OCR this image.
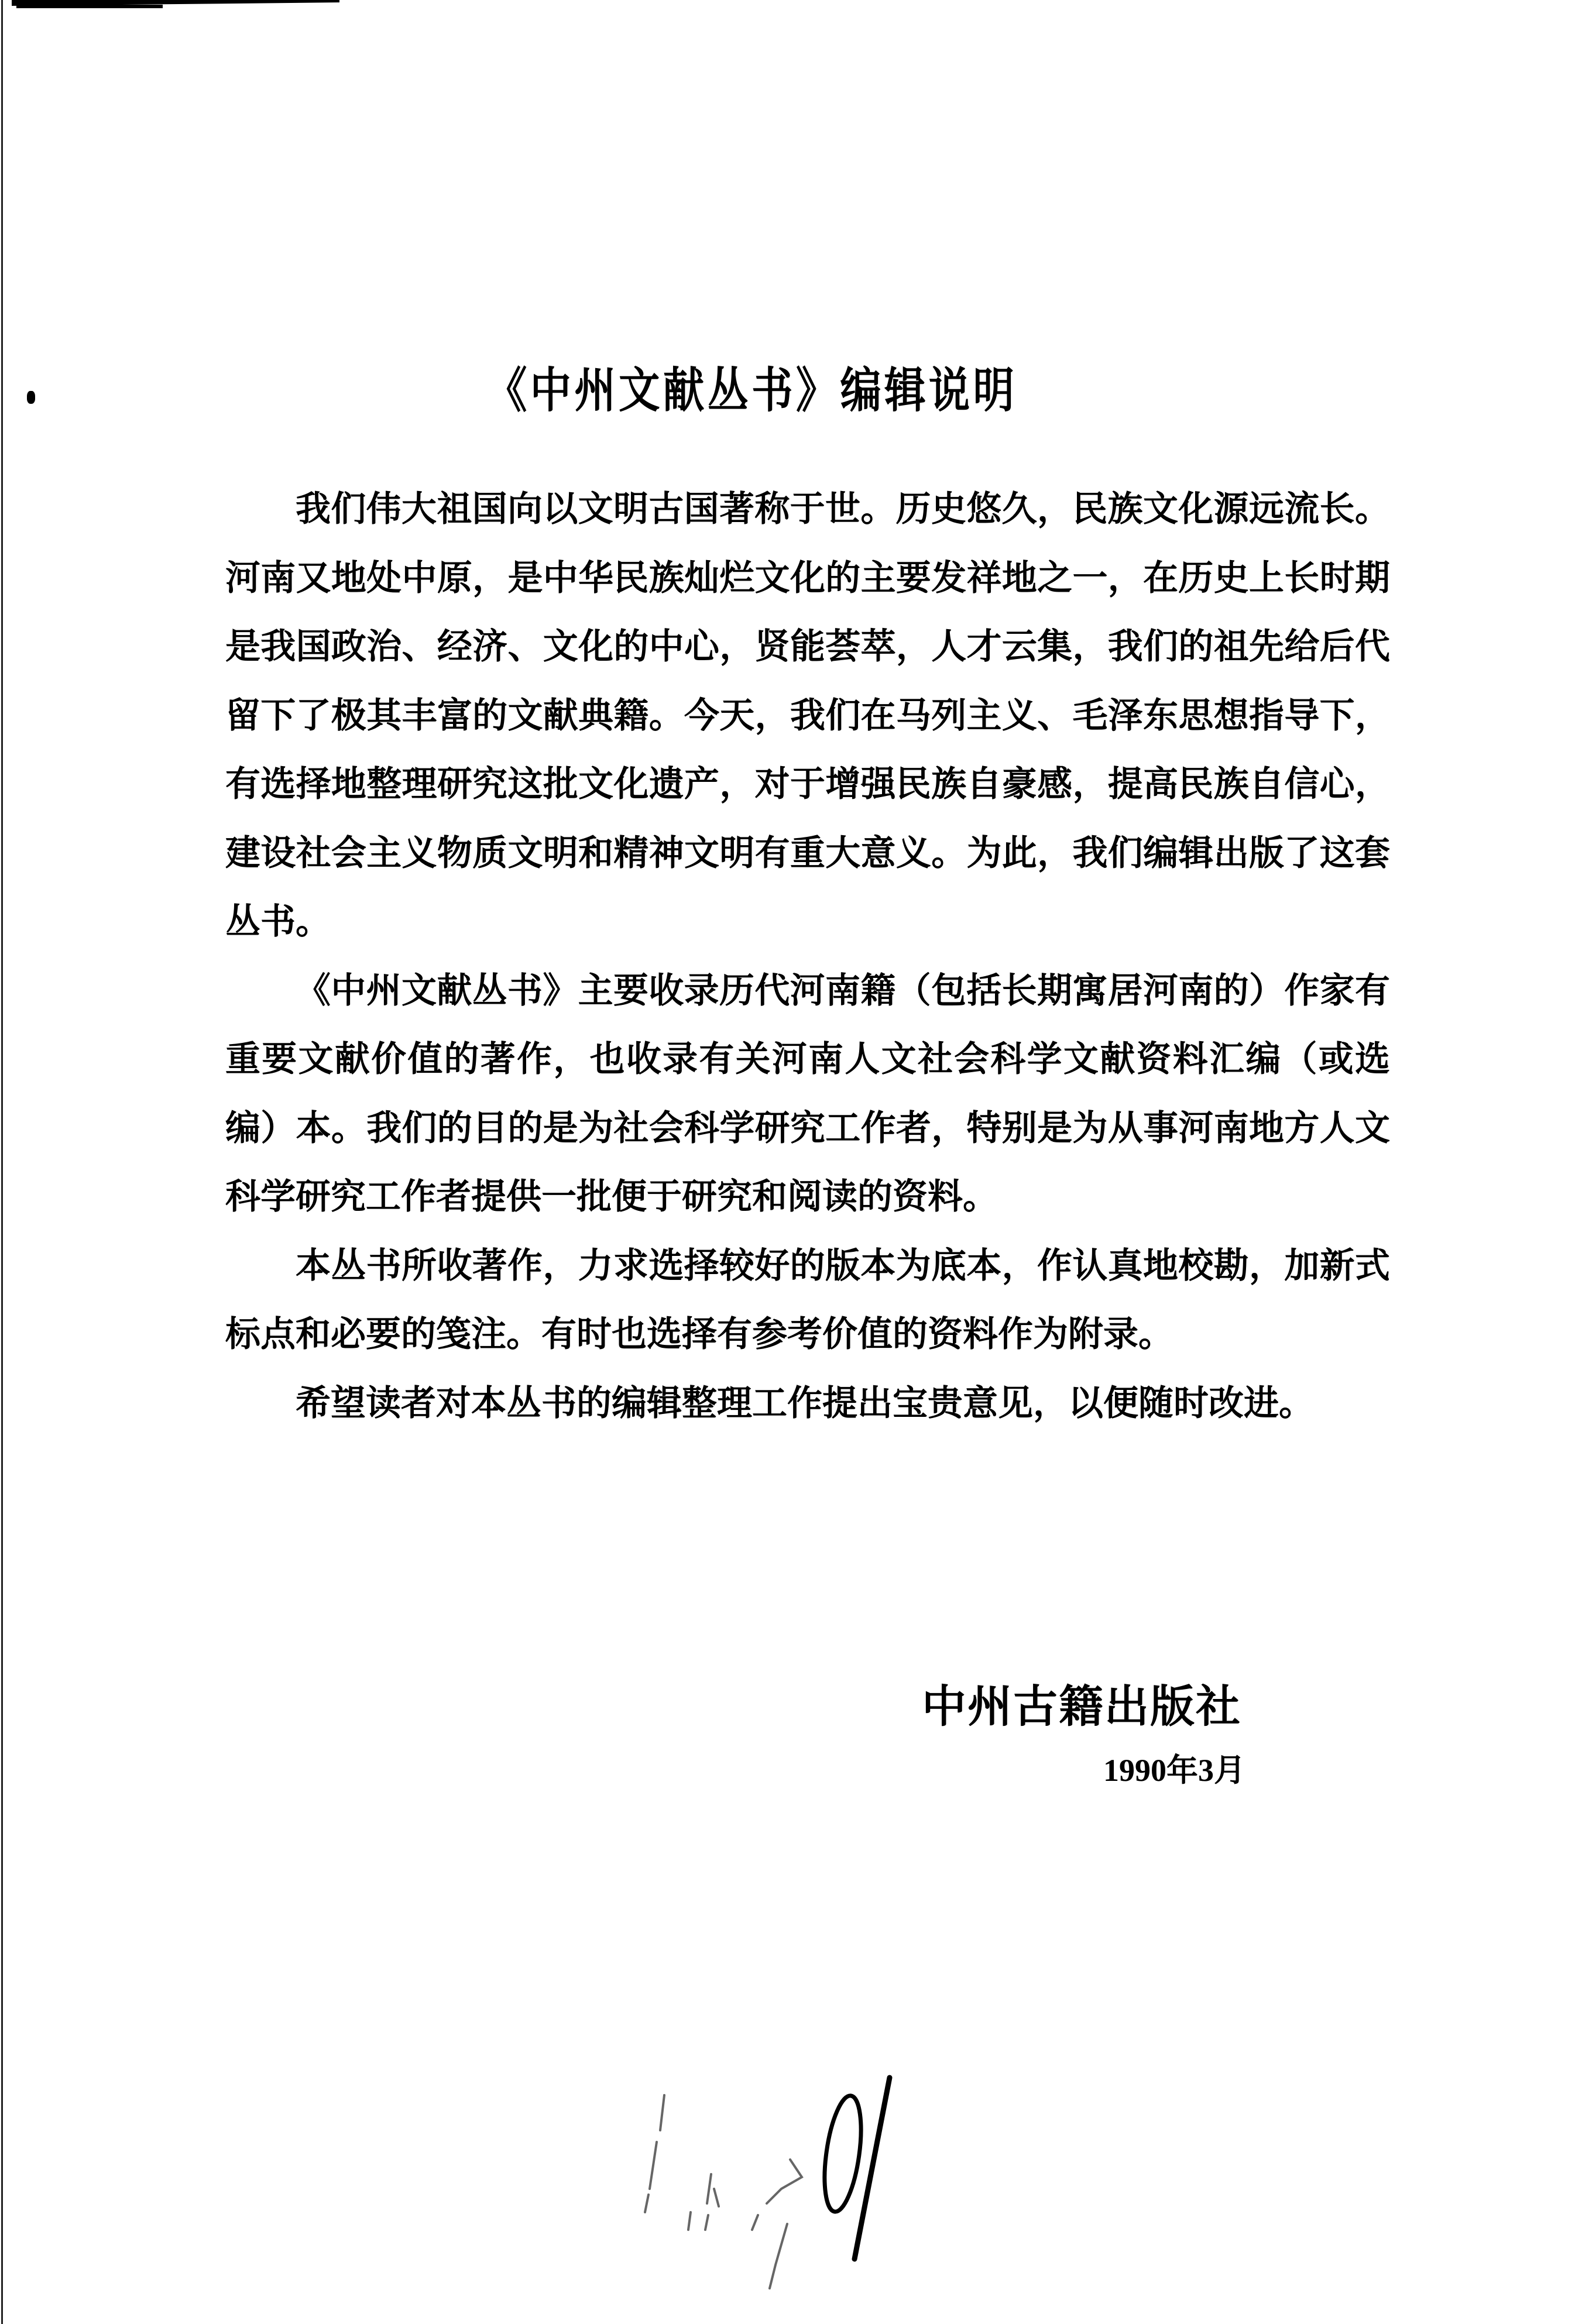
《中州文献丛书》编辑说明

我们伟大祖国向以文明古国著称于世。历史悠久，民族文化源远流长。河南又地处中原，是中华民族灿烂文化的主要发祥地之一，在历史上长时期是我国政治、经济、文化的中心，贤能荟萃，人才云集，我们的祖先给后代留下了极其丰富的文献典籍。今天，我们在马列主义、毛泽东思想指导下，有选择地整理研究这批文化遗产，对于增强民族自豪感，提高民族自信心，建设社会主义物质文明和精神文明有重大意义。为此，我们编辑出版了这套丛书。

《中州文献丛书》主要收录历代河南籍（包括长期寓居河南的）作家有重要文献价值的著作，也收录有关河南人文社会科学文献资料汇编（或选编）本。我们的目的是为社会科学研究工作者，特别是为从事河南地方人文科学研究工作者提供一批便于研究和阅读的资料。

本丛书所收著作，力求选择较好的版本为底本，作认真地校勘，加新式标点和必要的笺注。有时也选择有参考价值的资料作为附录。

希望读者对本丛书的编辑整理工作提出宝贵意见，以便随时改进。

中州古籍出版社
1990年3月
